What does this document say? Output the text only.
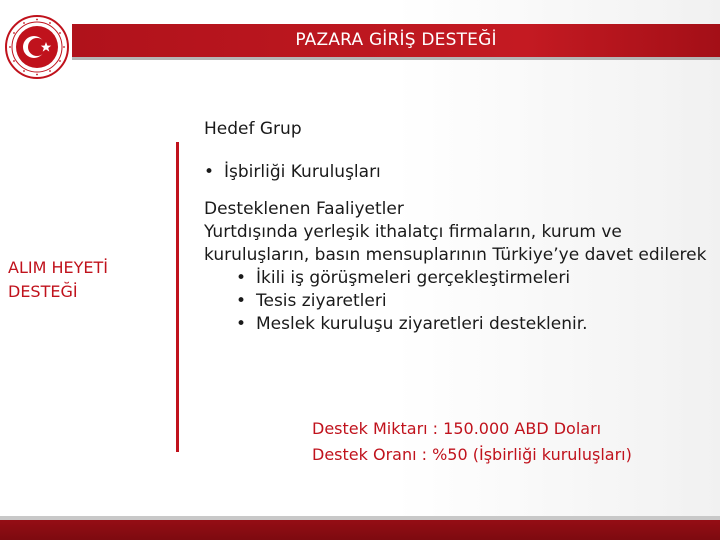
PAZARA GİRİŞ DESTEĞİ
ALIM HEYETİ
DESTEĞİ
Hedef Grup
• İşbirliği Kuruluşları
Desteklenen Faaliyetler
Yurtdışında yerleşik ithalatçı firmaların, kurum ve kuruluşların, basın mensuplarının Türkiye’ye davet edilerek
• İkili iş görüşmeleri gerçekleştirmeleri
• Tesis ziyaretleri
• Meslek kuruluşu ziyaretleri desteklenir.
Destek Miktarı : 150.000 ABD Doları
Destek Oranı : %50 (İşbirliği kuruluşları)
